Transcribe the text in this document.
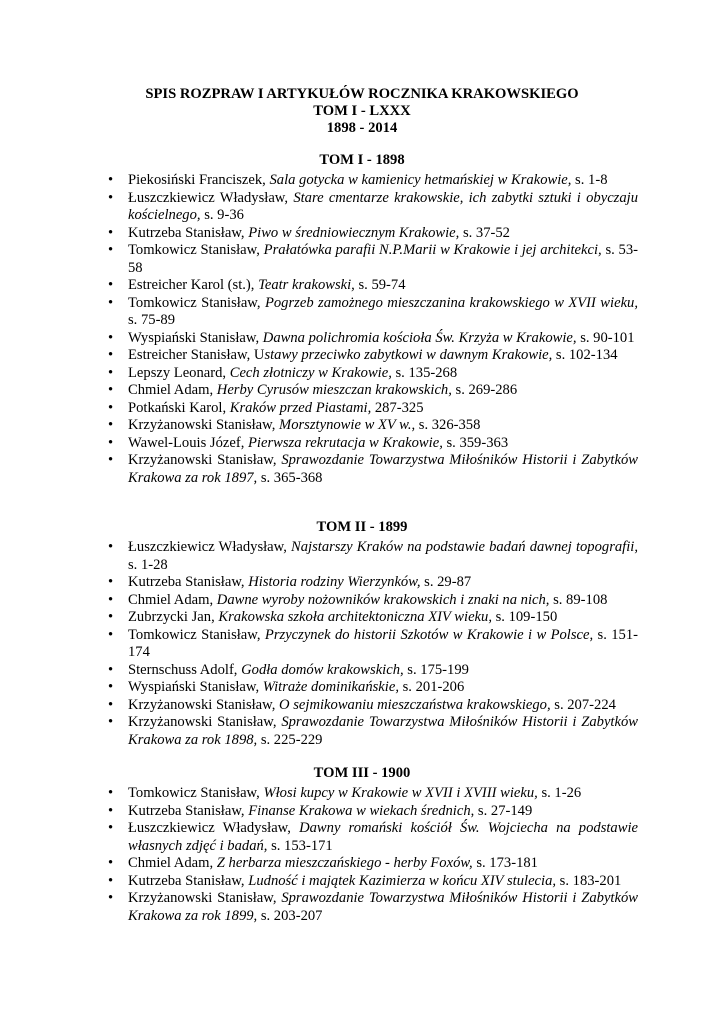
SPIS ROZPRAW I ARTYKUŁÓW ROCZNIKA KRAKOWSKIEGO
TOM I - LXXX
1898 - 2014
TOM I - 1898
• Piekosiński Franciszek, Sala gotycka w kamienicy hetmańskiej w Krakowie, s. 1-8
• Łuszczkiewicz Władysław, Stare cmentarze krakowskie, ich zabytki sztuki i obyczaju kościelnego, s. 9-36
• Kutrzeba Stanisław, Piwo w średniowiecznym Krakowie, s. 37-52
• Tomkowicz Stanisław, Prałatówka parafii N.P.Marii w Krakowie i jej architekci, s. 53-58
• Estreicher Karol (st.), Teatr krakowski, s. 59-74
• Tomkowicz Stanisław, Pogrzeb zamożnego mieszczanina krakowskiego w XVII wieku, s. 75-89
• Wyspiański Stanisław, Dawna polichromia kościoła Św. Krzyża w Krakowie, s. 90-101
• Estreicher Stanisław, Ustawy przeciwko zabytkowi w dawnym Krakowie, s. 102-134
• Lepszy Leonard, Cech złotniczy w Krakowie, s. 135-268
• Chmiel Adam, Herby Cyrusów mieszczan krakowskich, s. 269-286
• Potkański Karol, Kraków przed Piastami, 287-325
• Krzyżanowski Stanisław, Morsztynowie w XV w., s. 326-358
• Wawel-Louis Józef, Pierwsza rekrutacja w Krakowie, s. 359-363
• Krzyżanowski Stanisław, Sprawozdanie Towarzystwa Miłośników Historii i Zabytków Krakowa za rok 1897, s. 365-368
TOM II - 1899
• Łuszczkiewicz Władysław, Najstarszy Kraków na podstawie badań dawnej topografii, s. 1-28
• Kutrzeba Stanisław, Historia rodziny Wierzynków, s. 29-87
• Chmiel Adam, Dawne wyroby nożowników krakowskich i znaki na nich, s. 89-108
• Zubrzycki Jan, Krakowska szkoła architektoniczna XIV wieku, s. 109-150
• Tomkowicz Stanisław, Przyczynek do historii Szkotów w Krakowie i w Polsce, s. 151-174
• Sternschuss Adolf, Godła domów krakowskich, s. 175-199
• Wyspiański Stanisław, Witraże dominikańskie, s. 201-206
• Krzyżanowski Stanisław, O sejmikowaniu mieszczaństwa krakowskiego, s. 207-224
• Krzyżanowski Stanisław, Sprawozdanie Towarzystwa Miłośników Historii i Zabytków Krakowa za rok 1898, s. 225-229
TOM III - 1900
• Tomkowicz Stanisław, Włosi kupcy w Krakowie w XVII i XVIII wieku, s. 1-26
• Kutrzeba Stanisław, Finanse Krakowa w wiekach średnich, s. 27-149
• Łuszczkiewicz Władysław, Dawny romański kościół Św. Wojciecha na podstawie własnych zdjęć i badań, s. 153-171
• Chmiel Adam, Z herbarza mieszczańskiego - herby Foxów, s. 173-181
• Kutrzeba Stanisław, Ludność i majątek Kazimierza w końcu XIV stulecia, s. 183-201
• Krzyżanowski Stanisław, Sprawozdanie Towarzystwa Miłośników Historii i Zabytków Krakowa za rok 1899, s. 203-207
